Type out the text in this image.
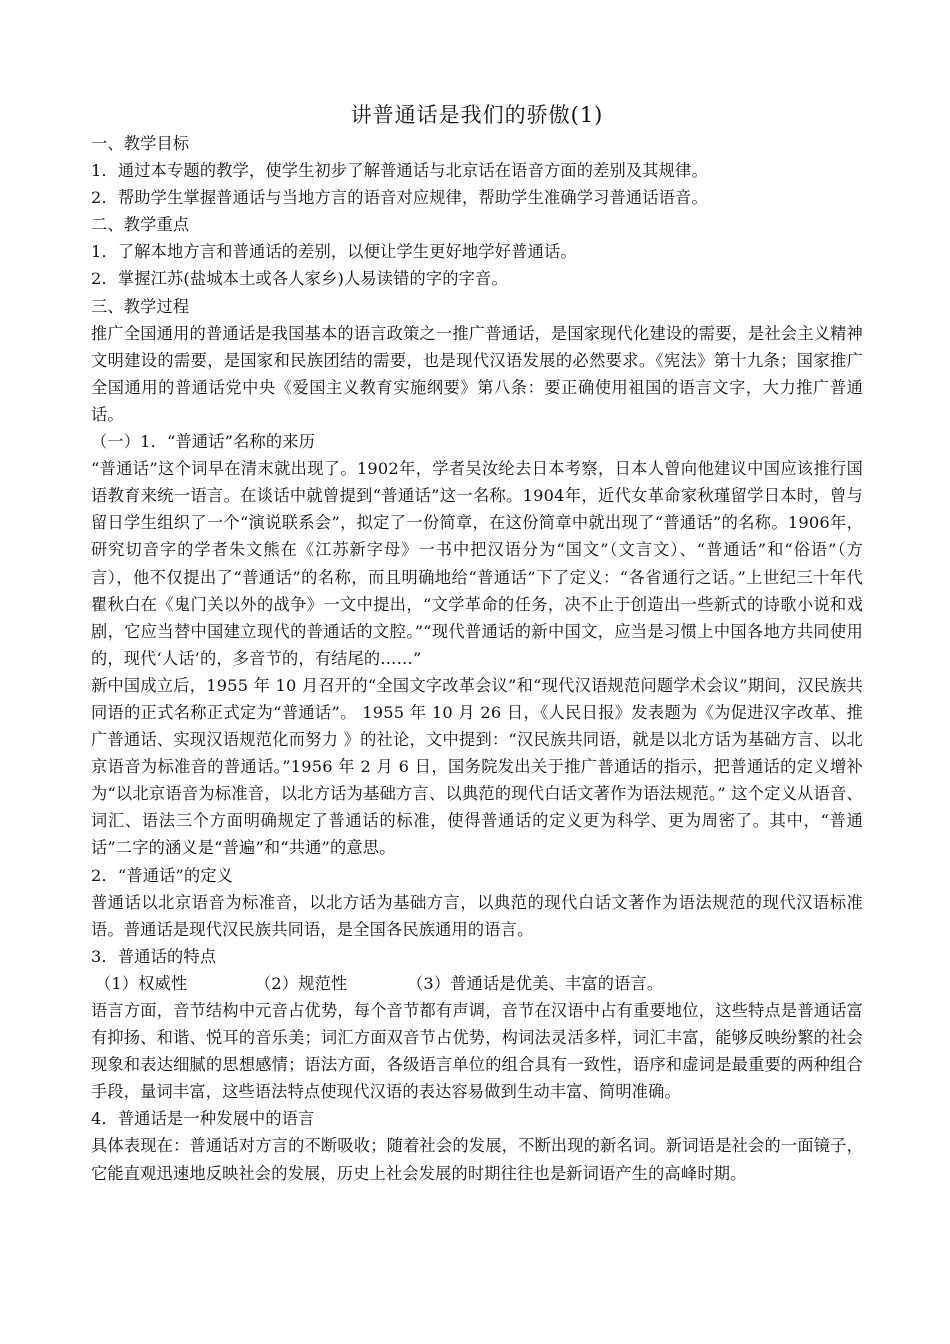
讲普通话是我们的骄傲(1)

一、教学目标

1．通过本专题的教学，使学生初步了解普通话与北京话在语音方面的差别及其规律。

2．帮助学生掌握普通话与当地方言的语音对应规律，帮助学生准确学习普通话语音。

二、教学重点

1．了解本地方言和普通话的差别，以便让学生更好地学好普通话。

2．掌握江苏(盐城本土或各人家乡)人易读错的字的字音。

三、教学过程

推广全国通用的普通话是我国基本的语言政策之一推广普通话，是国家现代化建设的需要，是社会主义精神文明建设的需要，是国家和民族团结的需要，也是现代汉语发展的必然要求。《宪法》第十九条；国家推广全国通用的普通话党中央《爱国主义教育实施纲要》第八条：要正确使用祖国的语言文字，大力推广普通话。

（一）1．“普通话”名称的来历

“普通话”这个词早在清末就出现了。1902年，学者吴汝纶去日本考察，日本人曾向他建议中国应该推行国语教育来统一语言。在谈话中就曾提到“普通话”这一名称。1904年，近代女革命家秋瑾留学日本时，曾与留日学生组织了一个“演说联系会”，拟定了一份简章，在这份简章中就出现了“普通话”的名称。1906年，研究切音字的学者朱文熊在《江苏新字母》一书中把汉语分为“国文”（文言文）、“普通话”和“俗语”（方言），他不仅提出了“普通话”的名称，而且明确地给“普通话”下了定义：“各省通行之话。”上世纪三十年代瞿秋白在《鬼门关以外的战争》一文中提出，“文学革命的任务，决不止于创造出一些新式的诗歌小说和戏剧，它应当替中国建立现代的普通话的文腔。”“现代普通话的新中国文，应当是习惯上中国各地方共同使用的，现代‘人话’的，多音节的，有结尾的……”

新中国成立后，1955 年 10 月召开的“全国文字改革会议”和“现代汉语规范问题学术会议”期间，汉民族共同语的正式名称正式定为“普通话”。 1955 年 10 月 26 日，《人民日报》发表题为《为促进汉字改革、推广普通话、实现汉语规范化而努力 》的社论，文中提到：“汉民族共同语，就是以北方话为基础方言、以北京语音为标准音的普通话。”1956 年 2 月 6 日，国务院发出关于推广普通话的指示，把普通话的定义增补为“以北京语音为标准音，以北方话为基础方言、以典范的现代白话文著作为语法规范。” 这个定义从语音、词汇、语法三个方面明确规定了普通话的标准，使得普通话的定义更为科学、更为周密了。其中，“普通话”二字的涵义是“普遍”和“共通”的意思。

2．“普通话”的定义

普通话以北京语音为标准音，以北方话为基础方言，以典范的现代白话文著作为语法规范的现代汉语标准语。普通话是现代汉民族共同语，是全国各民族通用的语言。

3．普通话的特点

（1）权威性	（2）规范性	（3）普通话是优美、丰富的语言。

语言方面，音节结构中元音占优势，每个音节都有声调，音节在汉语中占有重要地位，这些特点是普通话富有抑扬、和谐、悦耳的音乐美；词汇方面双音节占优势，构词法灵活多样，词汇丰富，能够反映纷繁的社会现象和表达细腻的思想感情；语法方面，各级语言单位的组合具有一致性，语序和虚词是最重要的两种组合手段，量词丰富，这些语法特点使现代汉语的表达容易做到生动丰富、简明准确。

4．普通话是一种发展中的语言

具体表现在：普通话对方言的不断吸收；随着社会的发展，不断出现的新名词。新词语是社会的一面镜子，它能直观迅速地反映社会的发展，历史上社会发展的时期往往也是新词语产生的高峰时期。
